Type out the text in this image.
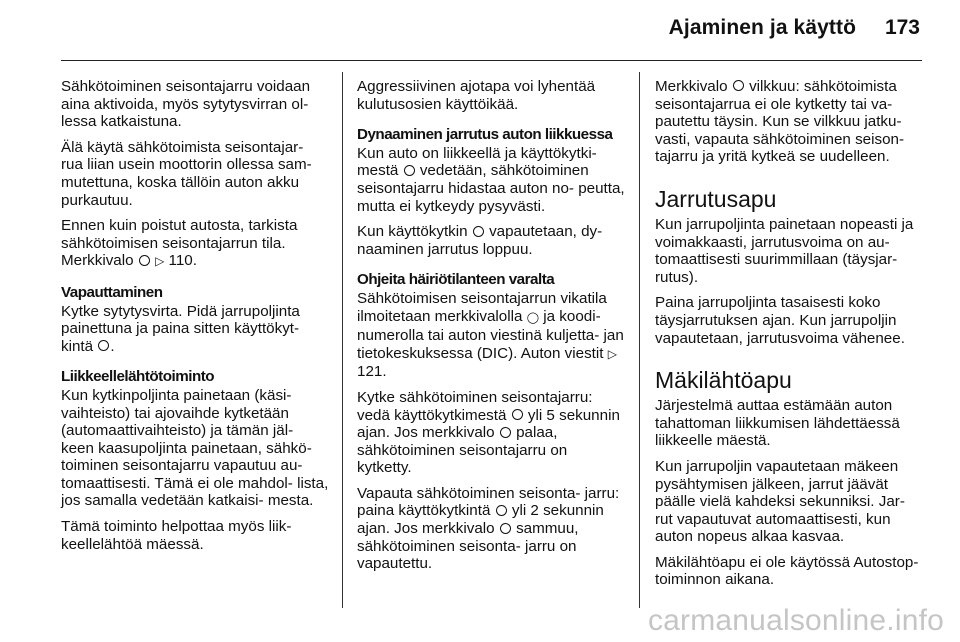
Ajaminen ja käyttö 173

Sähkötoiminen seisontajarru voidaan aina aktivoida, myös sytytysvirran ol- lessa katkaistuna.

Älä käytä sähkötoimista seisontajar- rua liian usein moottorin ollessa sam- mutettuna, koska tällöin auton akku purkautuu.

Ennen kuin poistut autosta, tarkista sähkötoimisen seisontajarrun tila. Merkkivalo ▷ 110.

Vapauttaminen

Kytke sytytysvirta. Pidä jarrupoljinta painettuna ja paina sitten käyttökyt- kintä .

Liikkeellelähtötoiminto

Kun kytkinpoljinta painetaan (käsi- vaihteisto) tai ajovaihde kytketään (automaattivaihteisto) ja tämän jäl- keen kaasupoljinta painetaan, sähkö- toiminen seisontajarru vapautuu au- tomaattisesti. Tämä ei ole mahdol- lista, jos samalla vedetään katkaisi- mesta.

Tämä toiminto helpottaa myös liik- keellelähtöä mäessä.

Aggressiivinen ajotapa voi lyhentää kulutusosien käyttöikää.

Dynaaminen jarrutus auton liikkuessa

Kun auto on liikkeellä ja käyttökytki- mestä vedetään, sähkötoiminen seisontajarru hidastaa auton no- peutta, mutta ei kytkeydy pysyvästi.

Kun käyttökytkin vapautetaan, dy- naaminen jarrutus loppuu.

Ohjeita häiriötilanteen varalta

Sähkötoimisen seisontajarrun vikatila ilmoitetaan merkkivalolla ◯ ja koodi- numerolla tai auton viestinä kuljetta- jan tietokeskuksessa (DIC). Auton viestit ▷ 121.

Kytke sähkötoiminen seisontajarru: vedä käyttökytkimestä yli 5 sekunnin ajan. Jos merkkivalo palaa, sähkötoiminen seisontajarru on kytketty.

Vapauta sähkötoiminen seisonta- jarru: paina käyttökytkintä yli 2 sekunnin ajan. Jos merkkivalo sammuu, sähkötoiminen seisonta- jarru on vapautettu.

Merkkivalo vilkkuu: sähkötoimista seisontajarrua ei ole kytketty tai va- pautettu täysin. Kun se vilkkuu jatku- vasti, vapauta sähkötoiminen seison- tajarru ja yritä kytkeä se uudelleen.

Jarrutusapu

Kun jarrupoljinta painetaan nopeasti ja voimakkaasti, jarrutusvoima on au- tomaattisesti suurimmillaan (täysjar- rutus).

Paina jarrupoljinta tasaisesti koko täysjarrutuksen ajan. Kun jarrupoljin vapautetaan, jarrutusvoima vähenee.

Mäkilähtöapu

Järjestelmä auttaa estämään auton tahattoman liikkumisen lähdettäessä liikkeelle mäestä.

Kun jarrupoljin vapautetaan mäkeen pysähtymisen jälkeen, jarrut jäävät päälle vielä kahdeksi sekunniksi. Jar- rut vapautuvat automaattisesti, kun auton nopeus alkaa kasvaa.

Mäkilähtöapu ei ole käytössä Autostop-toiminnon aikana.

carmanualsonline.info
